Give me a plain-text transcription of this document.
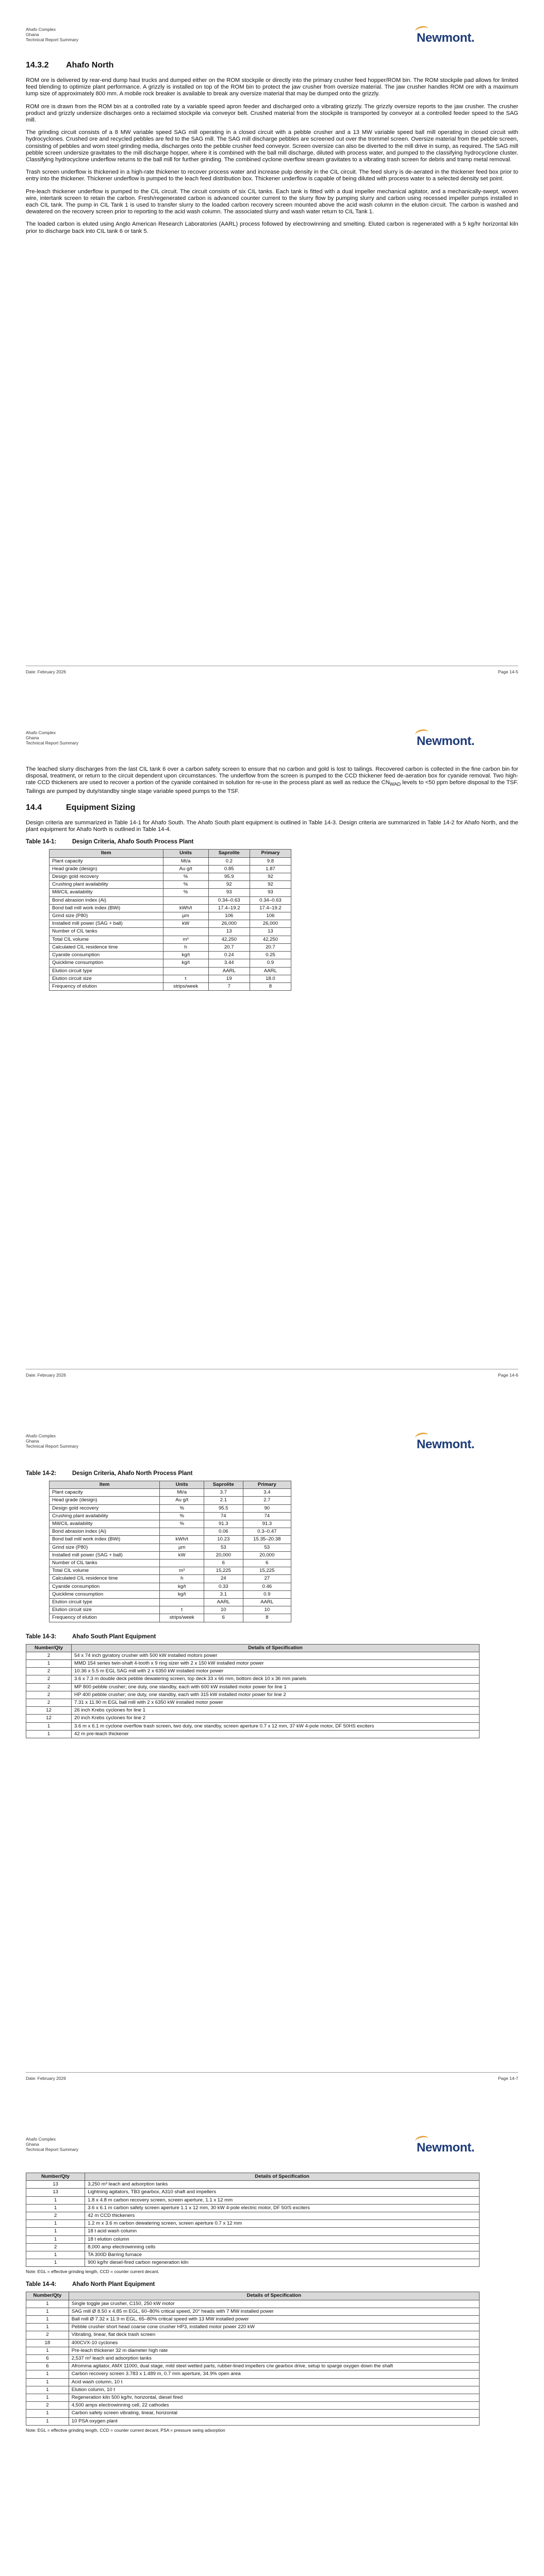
Ahafo Complex
Ghana
Technical Report Summary	Newmont.
14.3.2 Ahafo North

ROM ore is delivered by rear-end dump haul trucks and dumped either on the ROM stockpile or directly into the primary crusher feed hopper/ROM bin. The ROM stockpile pad allows for limited feed blending to optimize plant performance. A grizzly is installed on top of the ROM bin to protect the jaw crusher from oversize material. The jaw crusher handles ROM ore with a maximum lump size of approximately 800 mm. A mobile rock breaker is available to break any oversize material that may be dumped onto the grizzly.

ROM ore is drawn from the ROM bin at a controlled rate by a variable speed apron feeder and discharged onto a vibrating grizzly. The grizzly oversize reports to the jaw crusher. The crusher product and grizzly undersize discharges onto a reclaimed stockpile via conveyor belt. Crushed material from the stockpile is transported by conveyor at a controlled feeder speed to the SAG mill.

The grinding circuit consists of a 8 MW variable speed SAG mill operating in a closed circuit with a pebble crusher and a 13 MW variable speed ball mill operating in closed circuit with hydrocyclones. Crushed ore and recycled pebbles are fed to the SAG mill. The SAG mill discharge pebbles are screened out over the trommel screen. Oversize material from the pebble screen, consisting of pebbles and worn steel grinding media, discharges onto the pebble crusher feed conveyor. Screen oversize can also be diverted to the mill drive in sump, as required. The SAG mill pebble screen undersize gravitates to the mill discharge hopper, where it is combined with the ball mill discharge, diluted with process water, and pumped to the classifying hydrocyclone cluster. Classifying hydrocyclone underflow returns to the ball mill for further grinding. The combined cyclone overflow stream gravitates to a vibrating trash screen for debris and tramp metal removal.

Trash screen underflow is thickened in a high-rate thickener to recover process water and increase pulp density in the CIL circuit. The feed slurry is de-aerated in the thickener feed box prior to entry into the thickener. Thickener underflow is pumped to the leach feed distribution box. Thickener underflow is capable of being diluted with process water to a selected density set point.

Pre-leach thickener underflow is pumped to the CIL circuit. The circuit consists of six CIL tanks. Each tank is fitted with a dual impeller mechanical agitator, and a mechanically-swept, woven wire, intertank screen to retain the carbon. Fresh/regenerated carbon is advanced counter current to the slurry flow by pumping slurry and carbon using recessed impeller pumps installed in each CIL tank. The pump in CIL Tank 1 is used to transfer slurry to the loaded carbon recovery screen mounted above the acid wash column in the elution circuit. The carbon is washed and dewatered on the recovery screen prior to reporting to the acid wash column. The associated slurry and wash water return to CIL Tank 1.

The loaded carbon is eluted using Anglo American Research Laboratories (AARL) process followed by electrowinning and smelting. Eluted carbon is regenerated with a 5 kg/hr horizontal kiln prior to discharge back into CIL tank 6 or tank 5.

Date: February 2026	Page 14-5
Ahafo Complex
Ghana
Technical Report Summary	Newmont.

The leached slurry discharges from the last CIL tank 6 over a carbon safety screen to ensure that no carbon and gold is lost to tailings. Recovered carbon is collected in the fine carbon bin for disposal, treatment, or return to the circuit dependent upon circumstances. The underflow from the screen is pumped to the CCD thickener feed de-aeration box for cyanide removal. Two high-rate CCD thickeners are used to recover a portion of the cyanide contained in solution for re-use in the process plant as well as reduce the $CN_{WAD}$ levels to <50 ppm before disposal to the TSF. Tailings are pumped by duty/standby single stage variable speed pumps to the TSF.

14.4	Equipment Sizing

Design criteria are summarized in Table 14-1 for Ahafo South. The Ahafo South plant equipment is outlined in Table 14-3. Design criteria are summarized in Table 14-2 for Ahafo North, and the plant equipment for Ahafo North is outlined in Table 14-4.

Table 14-1:	Design Criteria, Ahafo South Process Plant
Item	Units	Saprolite	Primary
Plant capacity	Mt/a	0.2	9.8
Head grade (design)	Au g/t	0.85	1.87
Design gold recovery	%	95.9	92
Crushing plant availability	%	92	92
Mill/CIL availability	%	93	93
Bond abrasion index (Ai)		0.34–0.63	0.34–0.63
Bond ball mill work index (BWi)	kWh/t	17.4–19.2	17.4–19.2
Grind size (P80)	µm	106	106
Installed mill power (SAG + ball)	kW	26,000	26,000
Number of CIL tanks		13	13
Total CIL volume	m³	42,250	42,250
Calculated CIL residence time	h	20.7	20.7
Cyanide consumption	kg/t	0.24	0.25
Quicklime consumption	kg/t	3.44	0.9
Elution circuit type		AARL	AARL
Elution circuit size	t	19	18.0
Frequency of elution	strips/week	7	8
Date: February 2026	Page 14-6
Ahafo Complex
Ghana
Technical Report Summary	Newmont.
Table 14-2:	Design Criteria, Ahafo North Process Plant
Item	Units	Saprolite	Primary
Plant capacity	Mt/a	3.7	3.4
Head grade (design)	Au g/t	2.1	2.7
Design gold recovery	%	95.5	90
Crushing plant availability	%	74	74
Mill/CIL availability	%	91.3	91.3
Bond abrasion index (Ai)		0.06	0.3–0.47
Bond ball mill work index (BWi)	kWh/t	10.23	15.35–20.38
Grind size (P80)	µm	53	53
Installed mill power (SAG + ball)	kW	20,000	20,000
Number of CIL tanks		6	6
Total CIL volume	m³	15,225	15,225
Calculated CIL residence time	h	24	27
Cyanide consumption	kg/t	0.33	0.46
Quicklime consumption	kg/t	3.1	0.9
Elution circuit type		AARL	AARL
Elution circuit size	t	10	10
Frequency of elution	strips/week	6	8
Table 14-3:	Ahafo South Plant Equipment
Number/Qty	Details of Specification
2	54 x 74 inch gyratory crusher with 500 kW installed motors power
1	MMD 154 series twin-shaft 4-tooth x 9 ring sizer with 2 x 150 kW installed motor power
2	10.36 x 5.5 m EGL SAG mill with 2 x 6350 kW installed motor power
2	3.6 x 7.3 m double deck pebble dewatering screen, top deck 33 x 66 mm, bottom deck 10 x 36 mm panels
2	MP 800 pebble crusher; one duty, one standby, each with 600 kW installed motor power for line 1
2	HP 400 pebble crusher; one duty, one standby, each with 315 kW installed motor power for line 2
2	7.31 x 11.90 m EGL ball mill with 2 x 6350 kW installed motor power
12	26 inch Krebs cyclones for line 1
12	20 inch Krebs cyclones for line 2
1	3.6 m x 6.1 m cyclone overflow trash screen, two duty, one standby, screen aperture 0.7 x 12 mm, 37 kW 4-pole motor, DF 50HS exciters
1	42 m pre-leach thickener
Date: February 2026	Page 14-7
Ahafo Complex
Ghana
Technical Report Summary	Newmont.
Number/Qty	Details of Specification
13	3,250 m³ leach and adsorption tanks
13	Lightning agitators, TB3 gearbox, A310 shaft and impellers
1	1.8 x 4.8 m carbon recovery screen, screen aperture, 1.1 x 12 mm
1	3.6 x 6.1 m carbon safety screen aperture 1.1 x 12 mm, 30 kW 4-pole electric motor, DF 50/S exciters
2	42 m CCD thickeners
1	1.2 m x 3.6 m carbon dewatering screen, screen aperture 0.7 x 12 mm
1	18 t acid wash column
1	18 t elution column
2	8,000 amp electrowinning cells
1	TA 300D Barring furnace
1	900 kg/hr diesel-fired carbon regeneration kiln
Note: EGL = effective grinding length, CCD = counter current decant.
Table 14-4:	Ahafo North Plant Equipment
Number/Qty	Details of Specification
1	Single toggle jaw crusher, C150, 250 kW motor
1	SAG mill Ø 8.50 x 4.85 m EGL, 60–80% critical speed, 20° heads with 7 MW installed power
1	Ball mill Ø 7.32 x 11.9 m EGL, 65–80% critical speed with 13 MW installed power
1	Pebble crusher short head coarse cone crusher HP3, installed motor power 220 kW
2	Vibrating, linear, flat deck trash screen
18	400CVX-10 cyclones
1	Pre-leach thickener 32 m diameter high rate
6	2,537 m³ leach and adsorption tanks
6	Afromma agitator, AMX 11000, dual stage, mild steel wetted parts, rubber-lined impellers c/w gearbox drive, setup to sparge oxygen down the shaft
1	Carbon recovery screen 3.783 x 1.489 m, 0.7 mm aperture, 34.9% open area
1	Acid wash column, 10 t
1	Elution column, 10 t
1	Regeneration kiln 500 kg/hr, horizontal, diesel fired
2	4,500 amps electrowinning cell, 22 cathodes
1	Carbon safety screen vibrating, linear, horizontal
1	10 PSA oxygen plant
Note: EGL = effective grinding length, CCD = counter current decant, PSA = pressure swing adsorption
